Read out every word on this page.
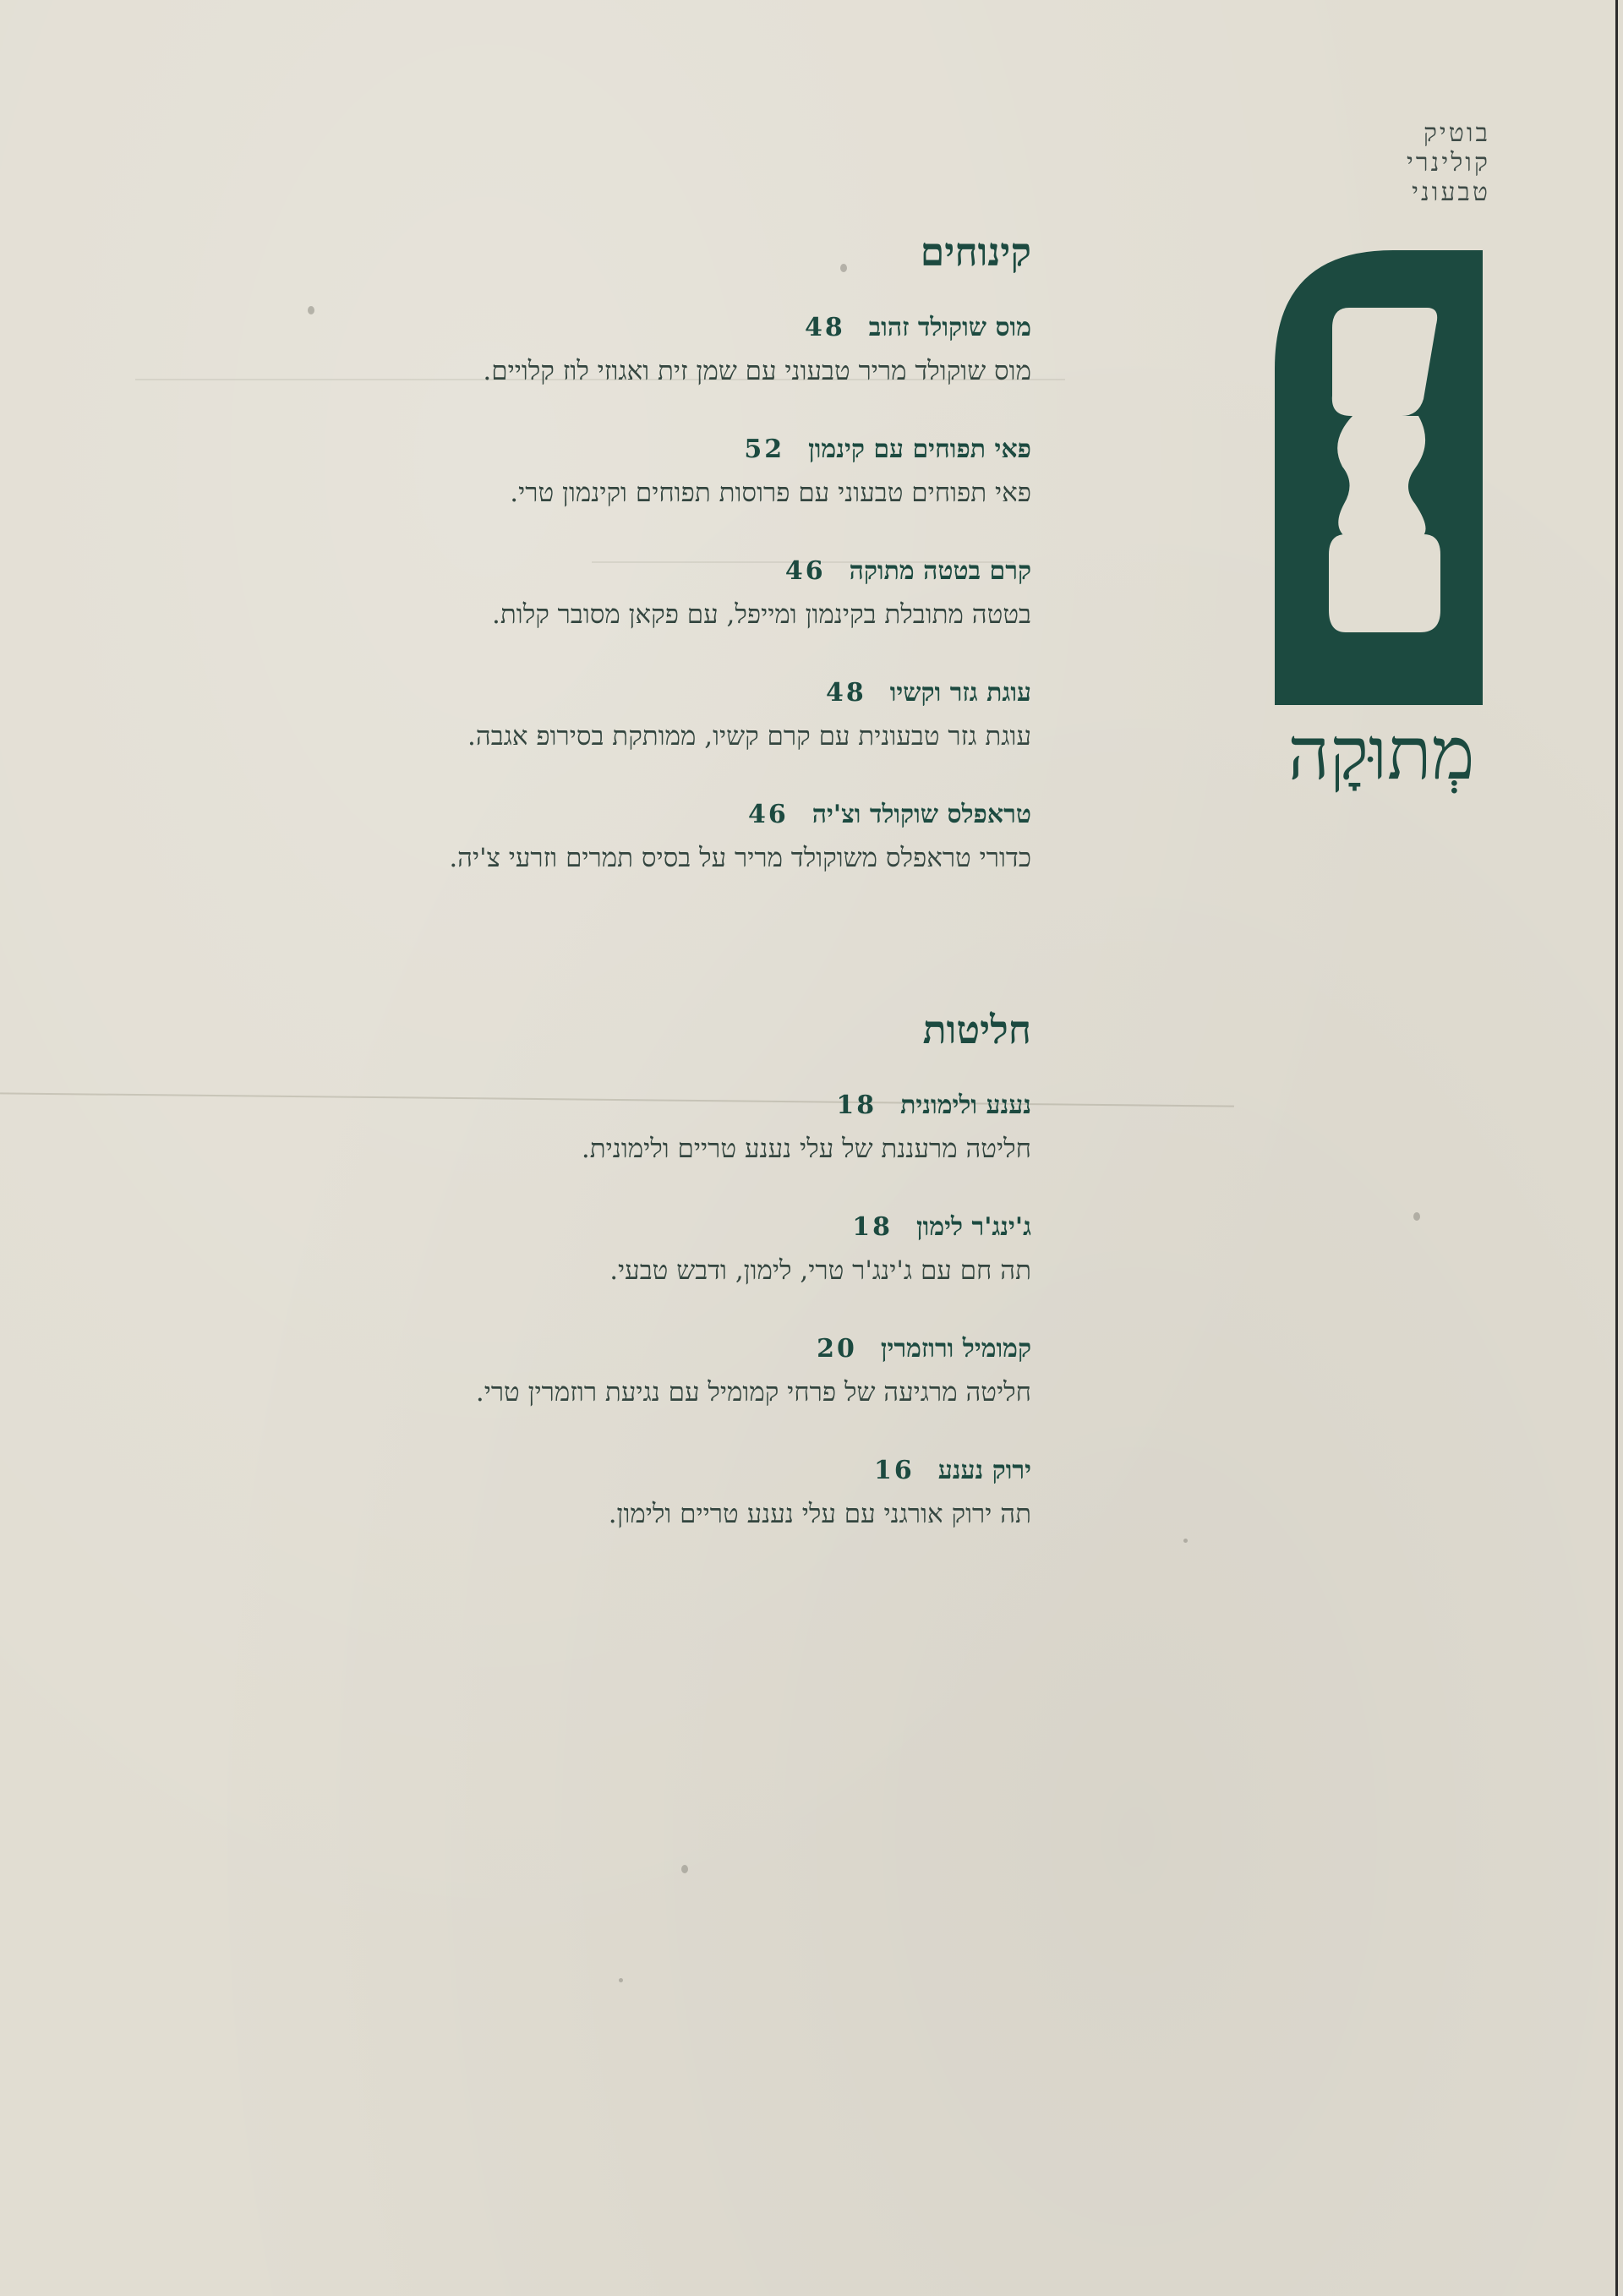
בוטיק
קולינרי
טבעוני
מְתוּקָה
קינוחים
מוס שוקולד זהוב48
מוס שוקולד מריר טבעוני עם שמן זית ואגוזי לוז קלויים.
פאי תפוחים עם קינמון52
פאי תפוחים טבעוני עם פרוסות תפוחים וקינמון טרי.
קרם בטטה מתוקה46
בטטה מתובלת בקינמון ומייפל, עם פקאן מסובר קלות.
עוגת גזר וקשיו48
עוגת גזר טבעונית עם קרם קשיו, ממותקת בסירופ אגבה.
טראפלס שוקולד וצ'יה46
כדורי טראפלס משוקולד מריר על בסיס תמרים וזרעי צ'יה.
חליטות
נענע ולימונית18
חליטה מרעננת של עלי נענע טריים ולימונית.
ג'ינג'ר לימון18
תה חם עם ג'ינג'ר טרי, לימון, ודבש טבעי.
קמומיל ורוזמרין20
חליטה מרגיעה של פרחי קמומיל עם נגיעת רוזמרין טרי.
ירוק נענע16
תה ירוק אורגני עם עלי נענע טריים ולימון.
